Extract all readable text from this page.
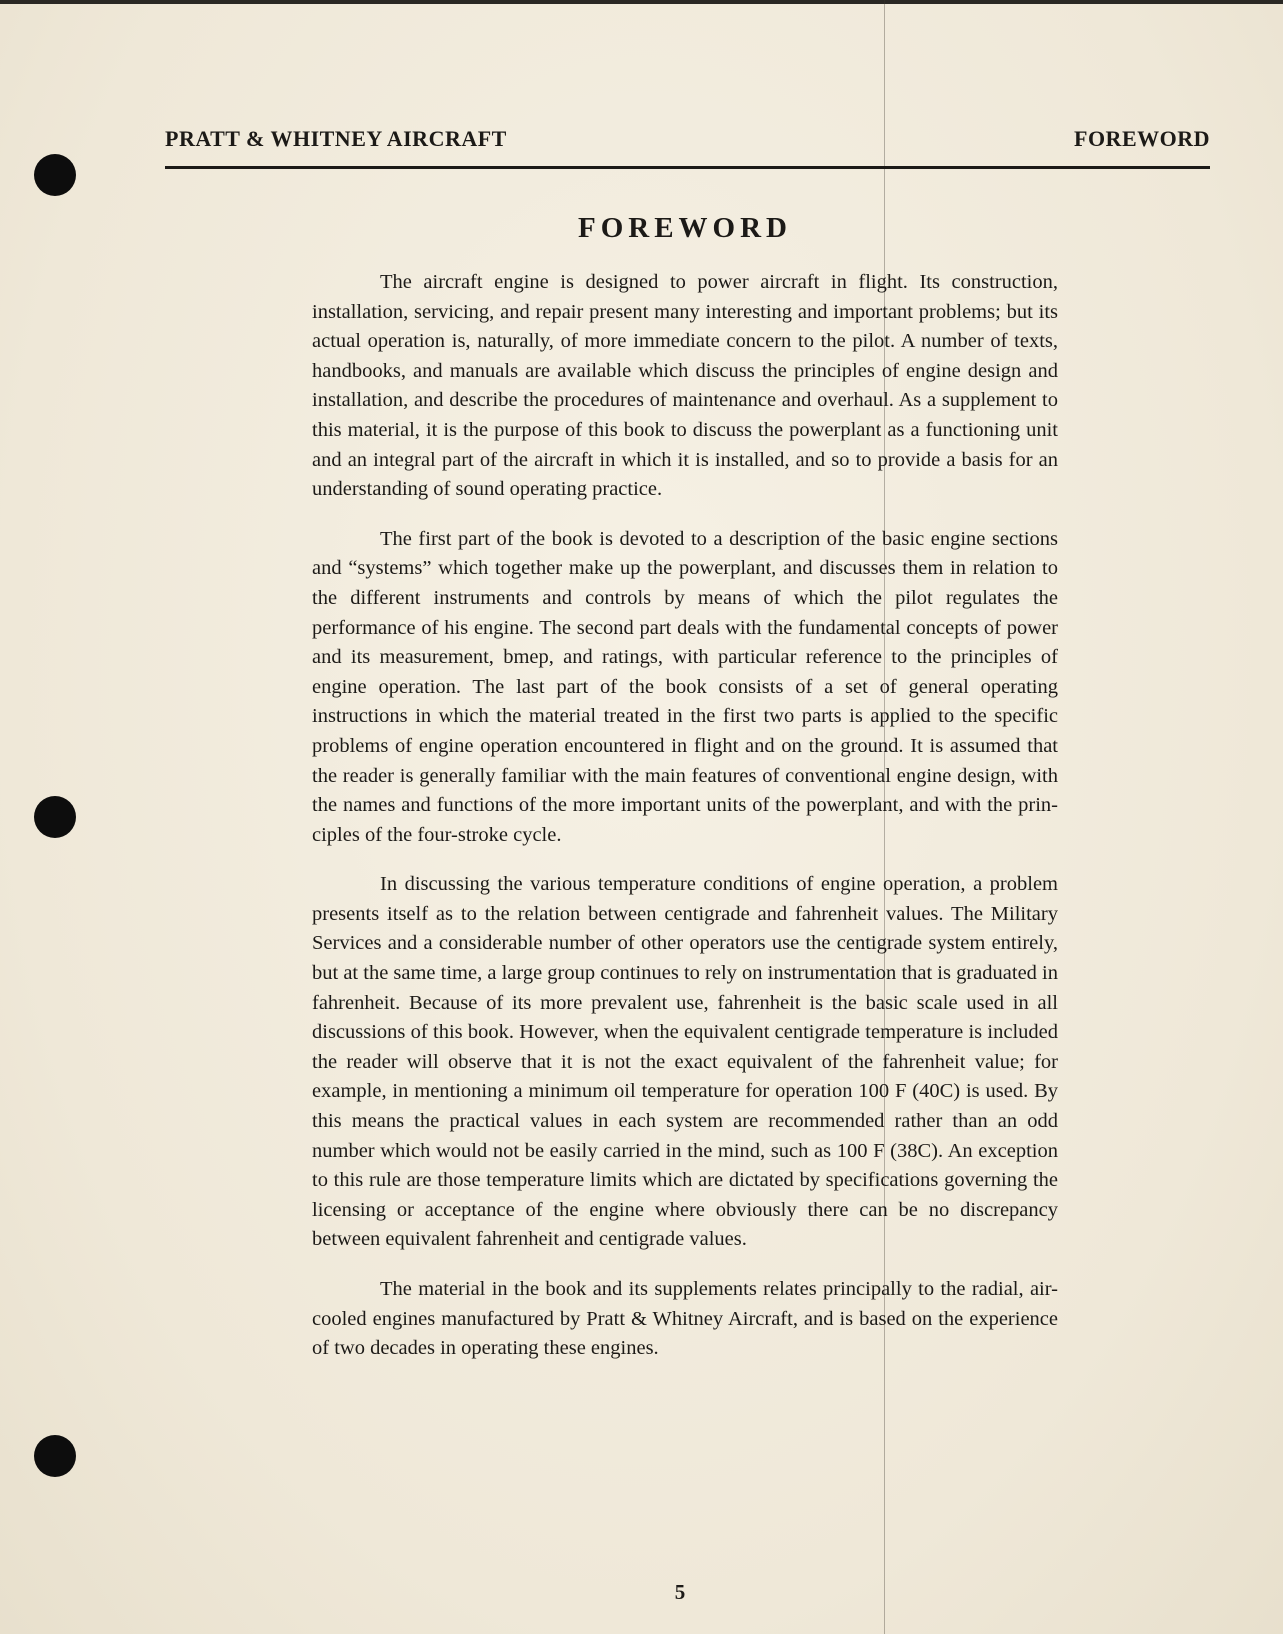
PRATT & WHITNEY AIRCRAFT	FOREWORD
FOREWORD

The aircraft engine is designed to power aircraft in flight. Its construction, installation, servicing, and repair present many interesting and important problems; but its actual operation is, naturally, of more immediate concern to the pilot. A number of texts, handbooks, and manuals are available which discuss the principles of engine design and installation, and describe the procedures of maintenance and overhaul. As a supplement to this material, it is the purpose of this book to discuss the powerplant as a functioning unit and an integral part of the aircraft in which it is installed, and so to provide a basis for an understanding of sound operating practice.

The first part of the book is devoted to a description of the basic engine sections and “systems” which together make up the powerplant, and discusses them in relation to the different instruments and controls by means of which the pilot regulates the performance of his engine. The second part deals with the fundamental concepts of power and its measurement, bmep, and ratings, with particular reference to the principles of engine operation. The last part of the book consists of a set of general operating instructions in which the material treated in the first two parts is applied to the specific problems of engine operation encountered in flight and on the ground. It is assumed that the reader is generally familiar with the main features of conventional engine design, with the names and functions of the more important units of the powerplant, and with the principles of the four-stroke cycle.

In discussing the various temperature conditions of engine operation, a problem presents itself as to the relation between centigrade and fahrenheit values. The Military Services and a considerable number of other operators use the centigrade system entirely, but at the same time, a large group continues to rely on instrumentation that is graduated in fahrenheit. Because of its more prevalent use, fahrenheit is the basic scale used in all discussions of this book. However, when the equivalent centigrade temperature is included the reader will observe that it is not the exact equivalent of the fahrenheit value; for example, in mentioning a minimum oil temperature for operation 100 F (40C) is used. By this means the practical values in each system are recommended rather than an odd number which would not be easily carried in the mind, such as 100 F (38C). An exception to this rule are those temperature limits which are dictated by specifications governing the licensing or acceptance of the engine where obviously there can be no discrepancy between equivalent fahrenheit and centigrade values.

The material in the book and its supplements relates principally to the radial, air-cooled engines manufactured by Pratt & Whitney Aircraft, and is based on the experience of two decades in operating these engines.

5
